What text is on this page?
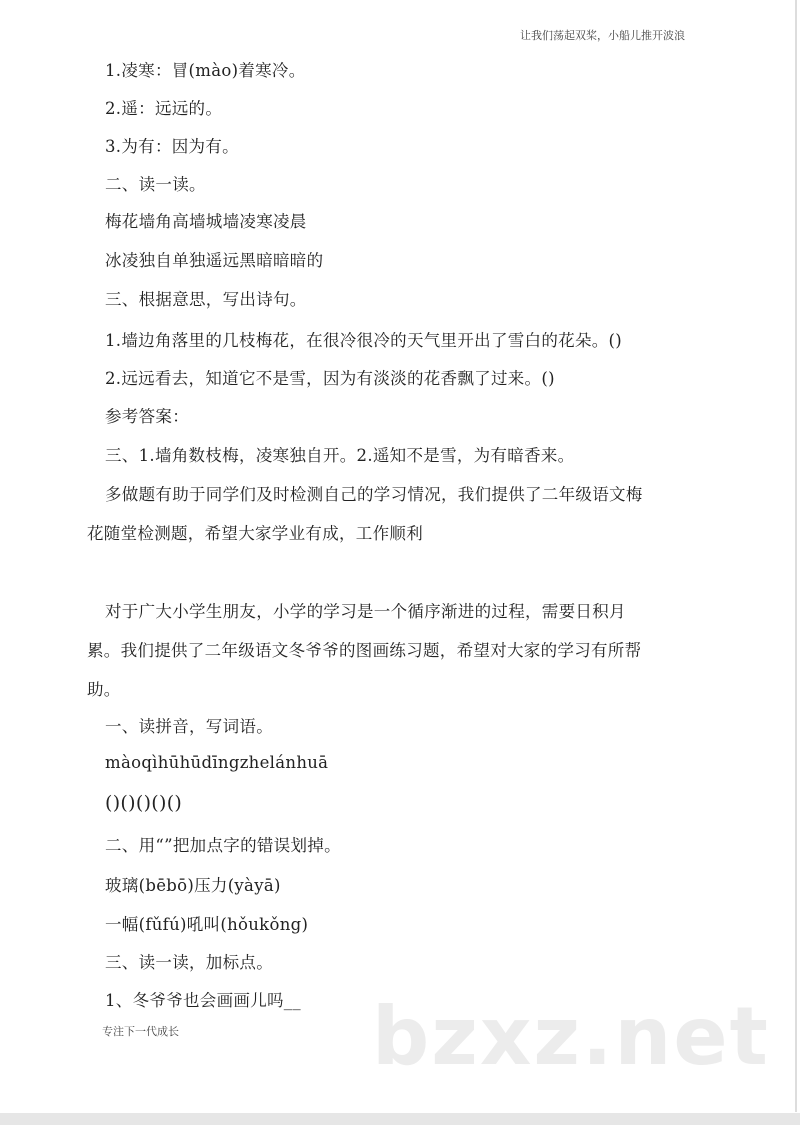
让我们荡起双桨，小船儿推开波浪
1.凌寒：冒(mào)着寒冷。
2.遥：远远的。
3.为有：因为有。
二、读一读。
梅花墙角高墙城墙凌寒凌晨
冰凌独自单独遥远黑暗暗暗的
三、根据意思，写出诗句。
1.墙边角落里的几枝梅花，在很冷很冷的天气里开出了雪白的花朵。()
2.远远看去，知道它不是雪，因为有淡淡的花香飘了过来。()
参考答案：
三、1.墙角数枝梅，凌寒独自开。2.遥知不是雪，为有暗香来。
多做题有助于同学们及时检测自己的学习情况，我们提供了二年级语文梅
花随堂检测题，希望大家学业有成，工作顺利
对于广大小学生朋友，小学的学习是一个循序渐进的过程，需要日积月
累。我们提供了二年级语文冬爷爷的图画练习题，希望对大家的学习有所帮
助。
一、读拼音，写词语。
màoqìhūhūdīngzhelánhuā
()()()()()
二、用“”把加点字的错误划掉。
玻璃(bēbō)压力(yàyā)
一幅(fǔfú)吼叫(hǒukǒng)
三、读一读，加标点。
1、冬爷爷也会画画儿吗__ bzxz.net
专注下一代成长
